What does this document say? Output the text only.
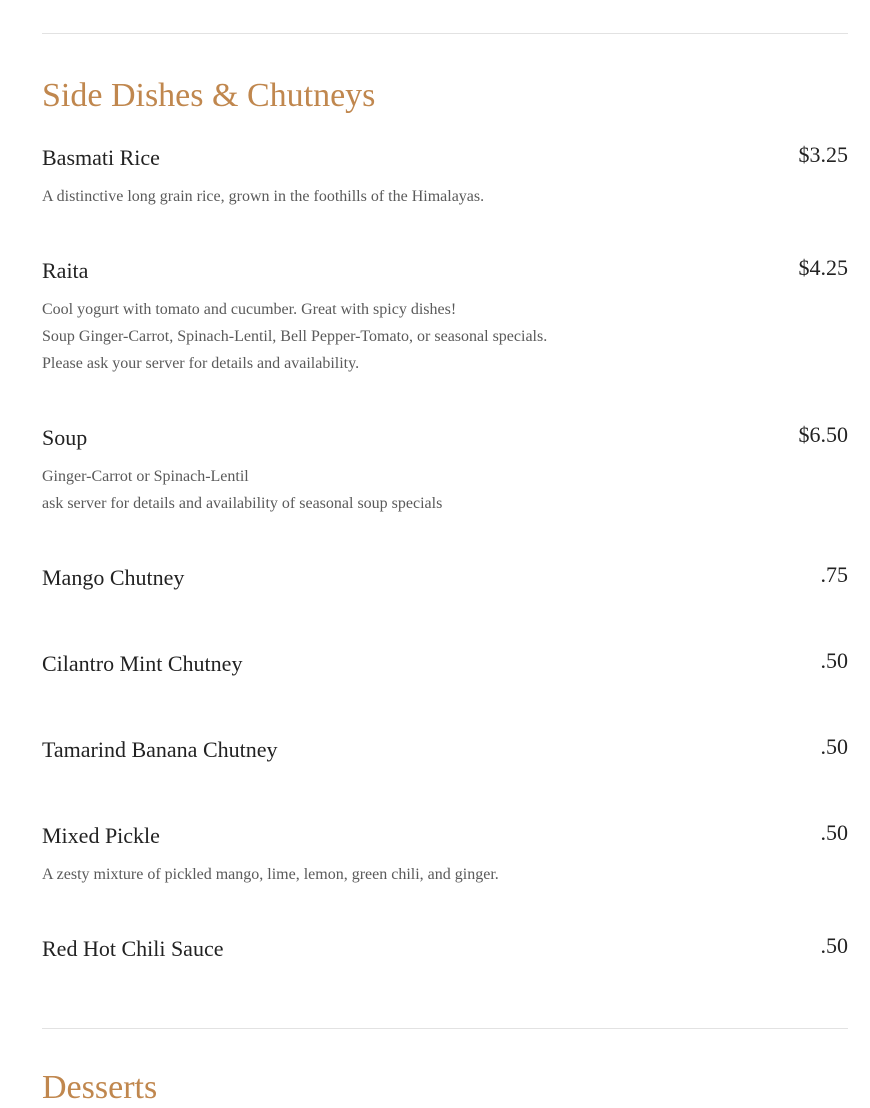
Side Dishes & Chutneys
Basmati Rice	$3.25
A distinctive long grain rice, grown in the foothills of the Himalayas.
Raita	$4.25
Cool yogurt with tomato and cucumber. Great with spicy dishes!
Soup Ginger-Carrot, Spinach-Lentil, Bell Pepper-Tomato, or seasonal specials.
Please ask your server for details and availability.
Soup	$6.50
Ginger-Carrot or Spinach-Lentil
ask server for details and availability of seasonal soup specials
Mango Chutney	.75
Cilantro Mint Chutney	.50
Tamarind Banana Chutney	.50
Mixed Pickle	.50
A zesty mixture of pickled mango, lime, lemon, green chili, and ginger.
Red Hot Chili Sauce	.50
Desserts
